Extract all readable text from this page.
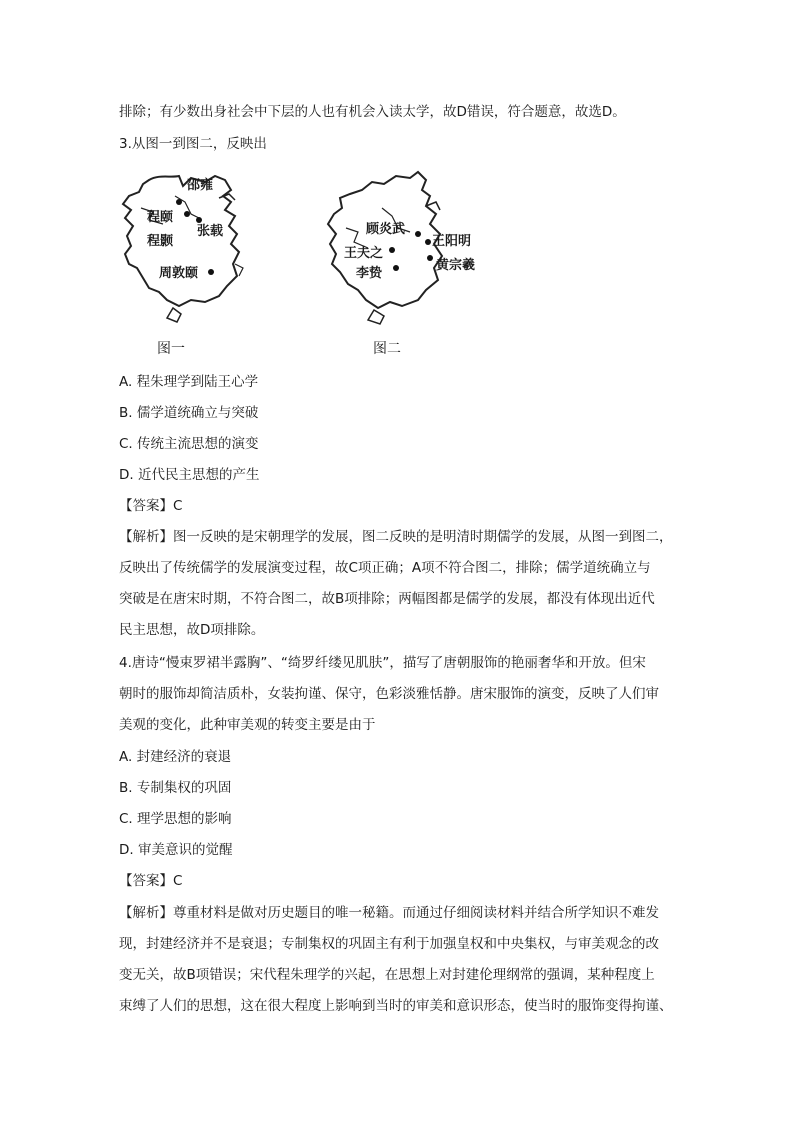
排除；有少数出身社会中下层的人也有机会入读太学，故D错误，符合题意，故选D。
3.从图一到图二，反映出
邵雍
程颐
张载
程颢
周敦颐
图一
顾炎武
王阳明
王夫之
李贽
黄宗羲
图二
A. 程朱理学到陆王心学
B. 儒学道统确立与突破
C. 传统主流思想的演变
D. 近代民主思想的产生
【答案】C
【解析】图一反映的是宋朝理学的发展，图二反映的是明清时期儒学的发展，从图一到图二，
反映出了传统儒学的发展演变过程，故C项正确；A项不符合图二，排除；儒学道统确立与
突破是在唐宋时期，不符合图二，故B项排除；两幅图都是儒学的发展，都没有体现出近代
民主思想，故D项排除。
4.唐诗“慢束罗裙半露胸”、“绮罗纤缕见肌肤”，描写了唐朝服饰的艳丽奢华和开放。但宋
朝时的服饰却简洁质朴，女装拘谨、保守，色彩淡雅恬静。唐宋服饰的演变，反映了人们审
美观的变化，此种审美观的转变主要是由于
A. 封建经济的衰退
B. 专制集权的巩固
C. 理学思想的影响
D. 审美意识的觉醒
【答案】C
【解析】尊重材料是做对历史题目的唯一秘籍。而通过仔细阅读材料并结合所学知识不难发
现，封建经济并不是衰退；专制集权的巩固主有利于加强皇权和中央集权，与审美观念的改
变无关，故B项错误；宋代程朱理学的兴起，在思想上对封建伦理纲常的强调，某种程度上
束缚了人们的思想，这在很大程度上影响到当时的审美和意识形态，使当时的服饰变得拘谨、
